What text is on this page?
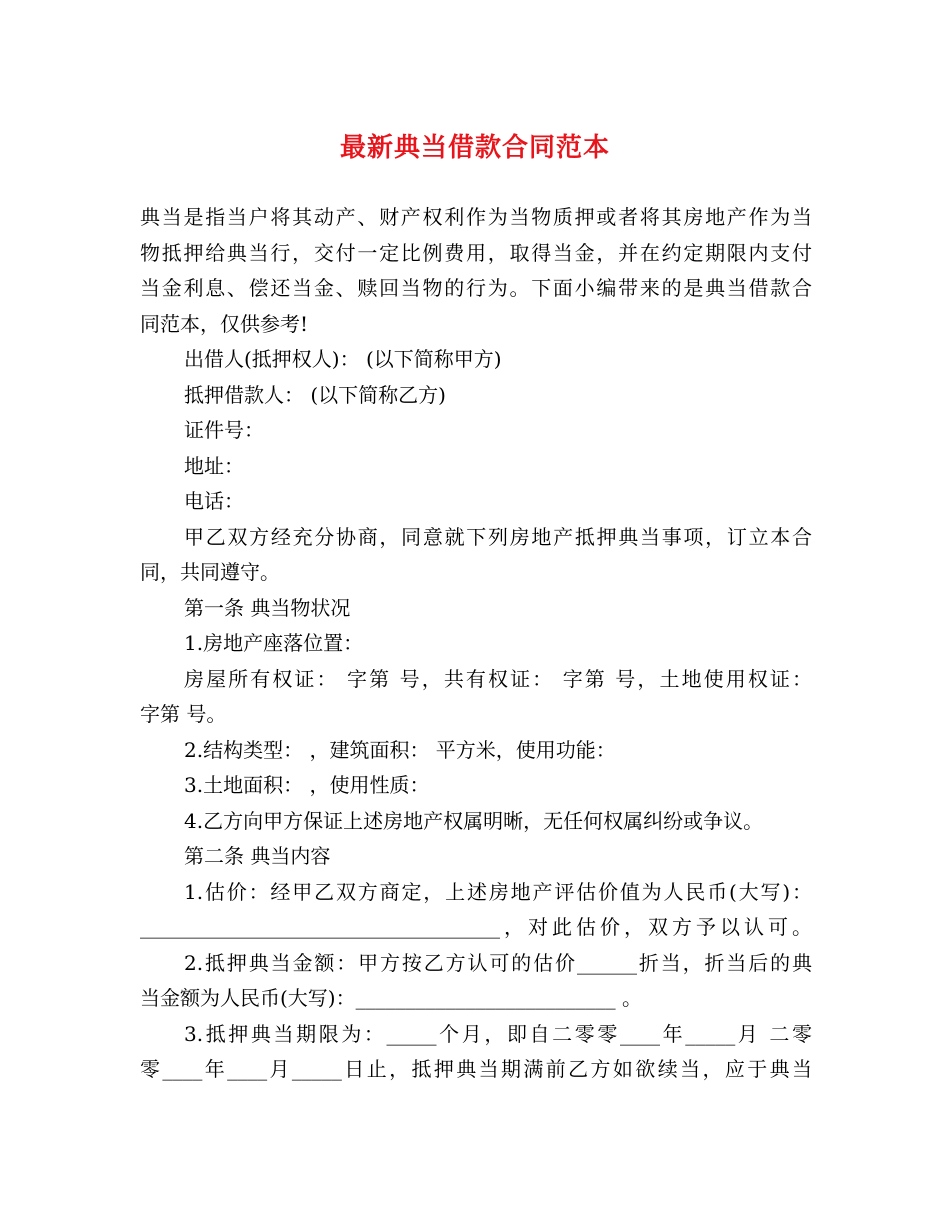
最新典当借款合同范本
典当是指当户将其动产、财产权利作为当物质押或者将其房地产作为当
物抵押给典当行，交付一定比例费用，取得当金，并在约定期限内支付
当金利息、偿还当金、赎回当物的行为。下面小编带来的是典当借款合
同范本，仅供参考!
出借人(抵押权人)： (以下简称甲方)
抵押借款人： (以下简称乙方)
证件号：
地址：
电话：
甲乙双方经充分协商，同意就下列房地产抵押典当事项，订立本合
同，共同遵守。
第一条 典当物状况
1.房地产座落位置：
房屋所有权证： 字第 号，共有权证： 字第 号，土地使用权证：
字第 号。
2.结构类型： ，建筑面积： 平方米，使用功能：
3.土地面积： ，使用性质：
4.乙方向甲方保证上述房地产权属明晰，无任何权属纠纷或争议。
第二条 典当内容
1.估价：经甲乙双方商定，上述房地产评估价值为人民币(大写)：
____________________________________，对此估价，双方予以认可。
2.抵押典当金额：甲方按乙方认可的估价______折当，折当后的典
当金额为人民币(大写)：__________________________ 。
3.抵押典当期限为：_____个月，即自二零零____年_____月 二零
零____年____月_____日止，抵押典当期满前乙方如欲续当，应于典当
